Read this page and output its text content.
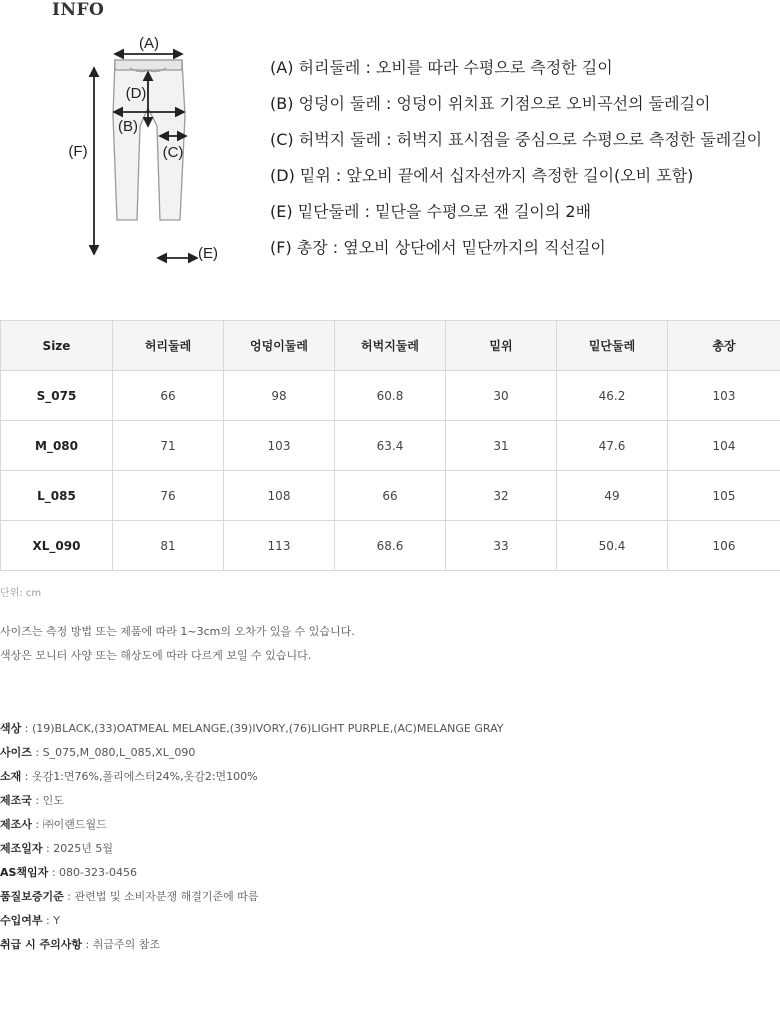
INFO
(A)
(D)
(B)
(C)
(F)
(E)
(A) 허리둘레 : 오비를 따라 수평으로 측정한 길이
(B) 엉덩이 둘레 : 엉덩이 위치표 기점으로 오비곡선의 둘레길이
(C) 허벅지 둘레 : 허벅지 표시점을 중심으로 수평으로 측정한 둘레길이
(D) 밑위 : 앞오비 끝에서 십자선까지 측정한 길이(오비 포함)
(E) 밑단둘레 : 밑단을 수평으로 잰 길이의 2배
(F) 총장 : 옆오비 상단에서 밑단까지의 직선길이
Size	허리둘레	엉덩이둘레	허벅지둘레	밑위	밑단둘레	총장
S_075	66	98	60.8	30	46.2	103
M_080	71	103	63.4	31	47.6	104
L_085	76	108	66	32	49	105
XL_090	81	113	68.6	33	50.4	106
단위: cm
사이즈는 측정 방법 또는 제품에 따라 1~3cm의 오차가 있을 수 있습니다.
색상은 모니터 사양 또는 해상도에 따라 다르게 보일 수 있습니다.
색상 : (19)BLACK,(33)OATMEAL MELANGE,(39)IVORY,(76)LIGHT PURPLE,(AC)MELANGE GRAY
사이즈 : S_075,M_080,L_085,XL_090
소재 : 옷감1:면76%,폴리에스터24%,옷감2:면100%
제조국 : 인도
제조사 : ㈜이랜드월드
제조일자 : 2025년 5월
AS책임자 : 080-323-0456
품질보증기준 : 관련법 및 소비자분쟁 해결기준에 따름
수입여부 : Y
취급 시 주의사항 : 취급주의 참조
